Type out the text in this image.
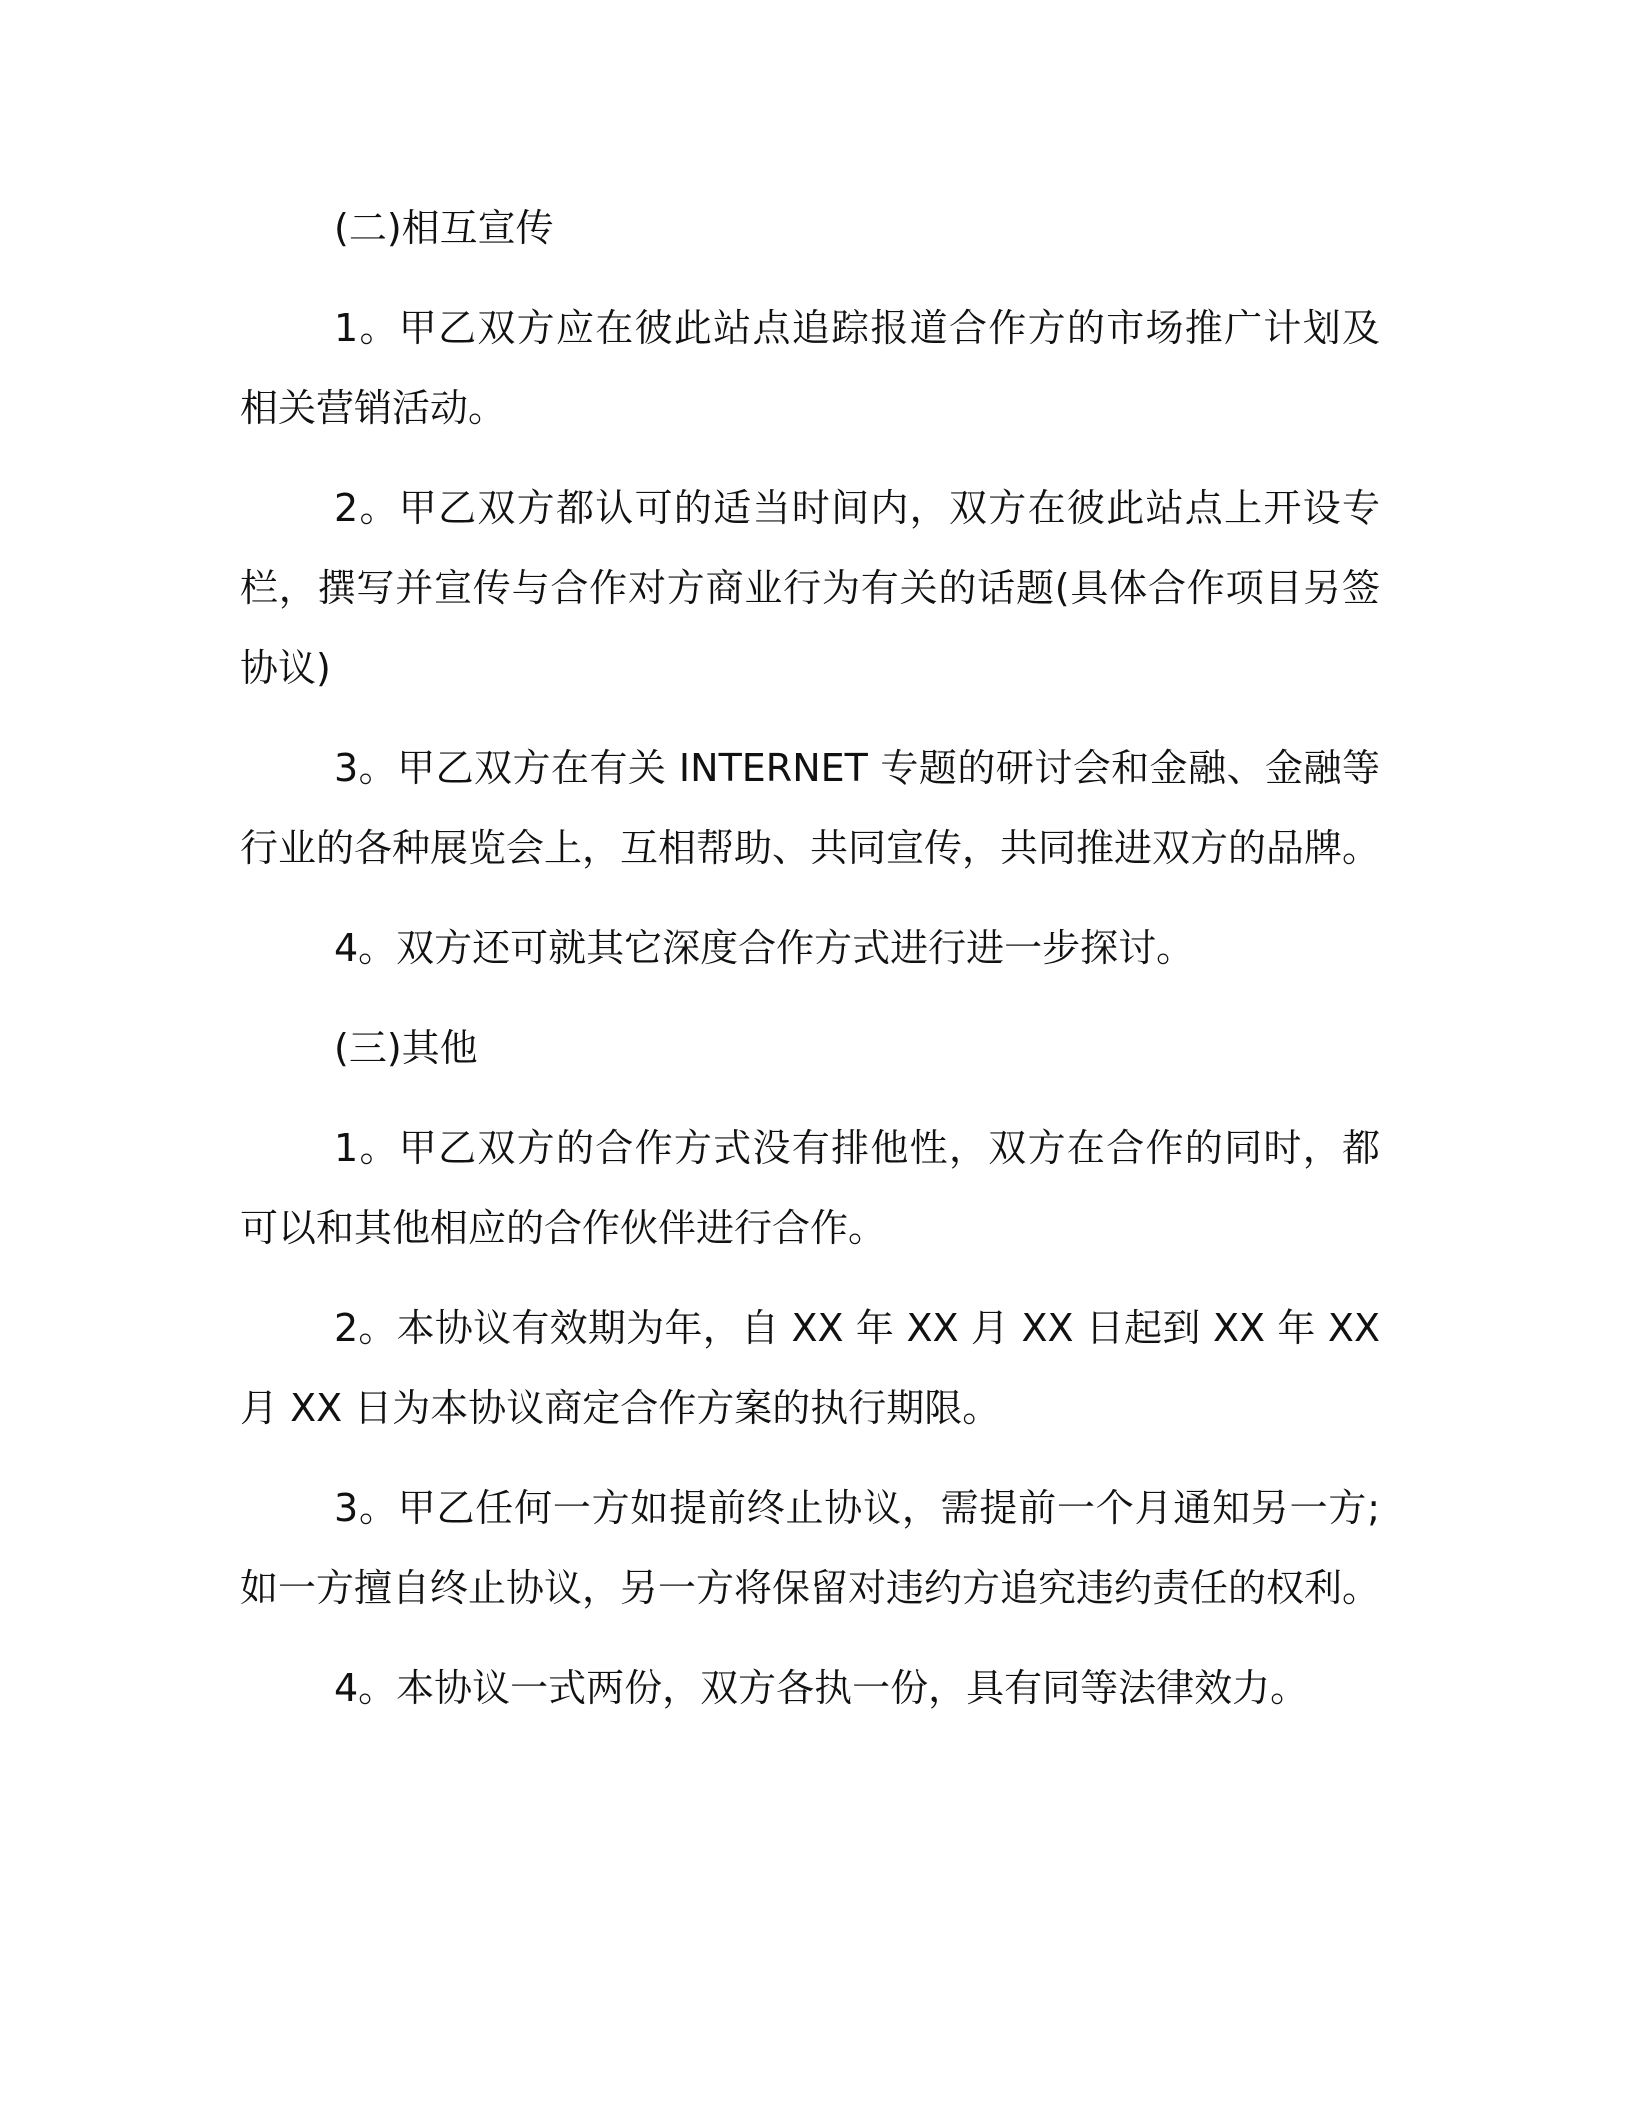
(二)相互宣传

1。甲乙双方应在彼此站点追踪报道合作方的市场推广计划及相关营销活动。

2。甲乙双方都认可的适当时间内，双方在彼此站点上开设专栏，撰写并宣传与合作对方商业行为有关的话题(具体合作项目另签协议)

3。甲乙双方在有关 INTERNET 专题的研讨会和金融、金融等行业的各种展览会上，互相帮助、共同宣传，共同推进双方的品牌。

4。双方还可就其它深度合作方式进行进一步探讨。

(三)其他

1。甲乙双方的合作方式没有排他性，双方在合作的同时，都可以和其他相应的合作伙伴进行合作。

2。本协议有效期为年，自 XX 年 XX 月 XX 日起到 XX 年 XX 月 XX 日为本协议商定合作方案的执行期限。

3。甲乙任何一方如提前终止协议，需提前一个月通知另一方;如一方擅自终止协议，另一方将保留对违约方追究违约责任的权利。

4。本协议一式两份，双方各执一份，具有同等法律效力。
